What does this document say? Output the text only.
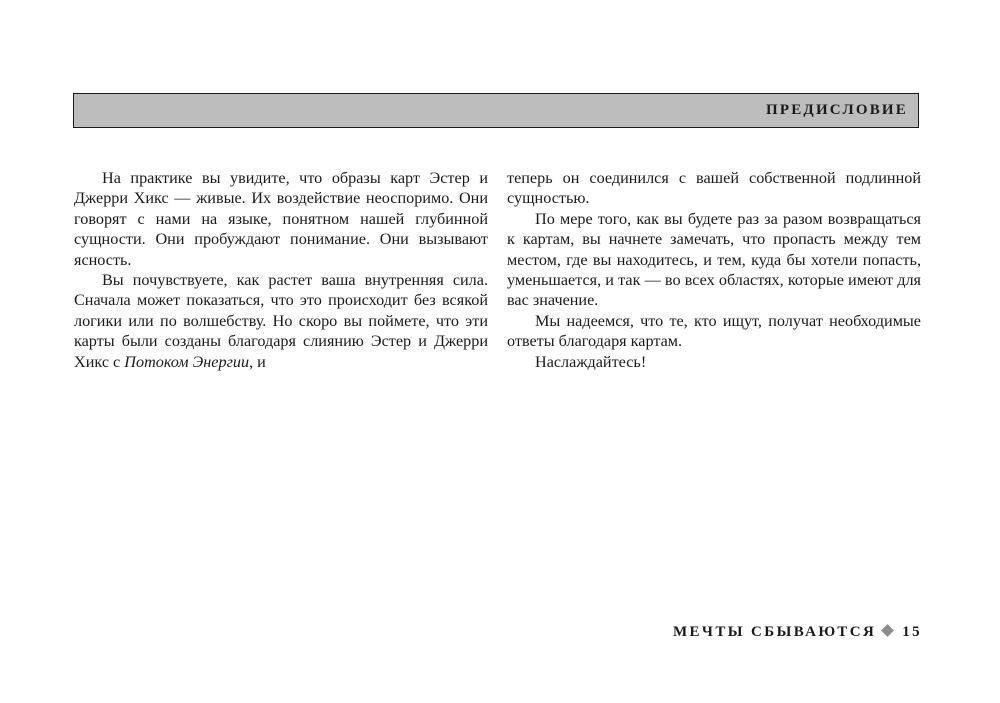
ПРЕДИСЛОВИЕ

На практике вы увидите, что образы карт Эстер и Джерри Хикс — живые. Их воздействие неоспоримо. Они говорят с нами на языке, понятном нашей глубинной сущности. Они пробуждают понимание. Они вызывают ясность.

Вы почувствуете, как растет ваша внутренняя сила. Сначала может показаться, что это происходит без всякой логики или по волшебству. Но скоро вы поймете, что эти карты были созданы благодаря слиянию Эстер и Джерри Хикс с Потоком Энергии, и

теперь он соединился с вашей собственной подлинной сущностью.

По мере того, как вы будете раз за разом возвращаться к картам, вы начнете замечать, что пропасть между тем местом, где вы находитесь, и тем, куда бы хотели попасть, уменьшается, и так — во всех областях, которые имеют для вас значение.

Мы надеемся, что те, кто ищут, получат необходимые ответы благодаря картам.

Наслаждайтесь!

МЕЧТЫ СБЫВАЮТСЯ 15
